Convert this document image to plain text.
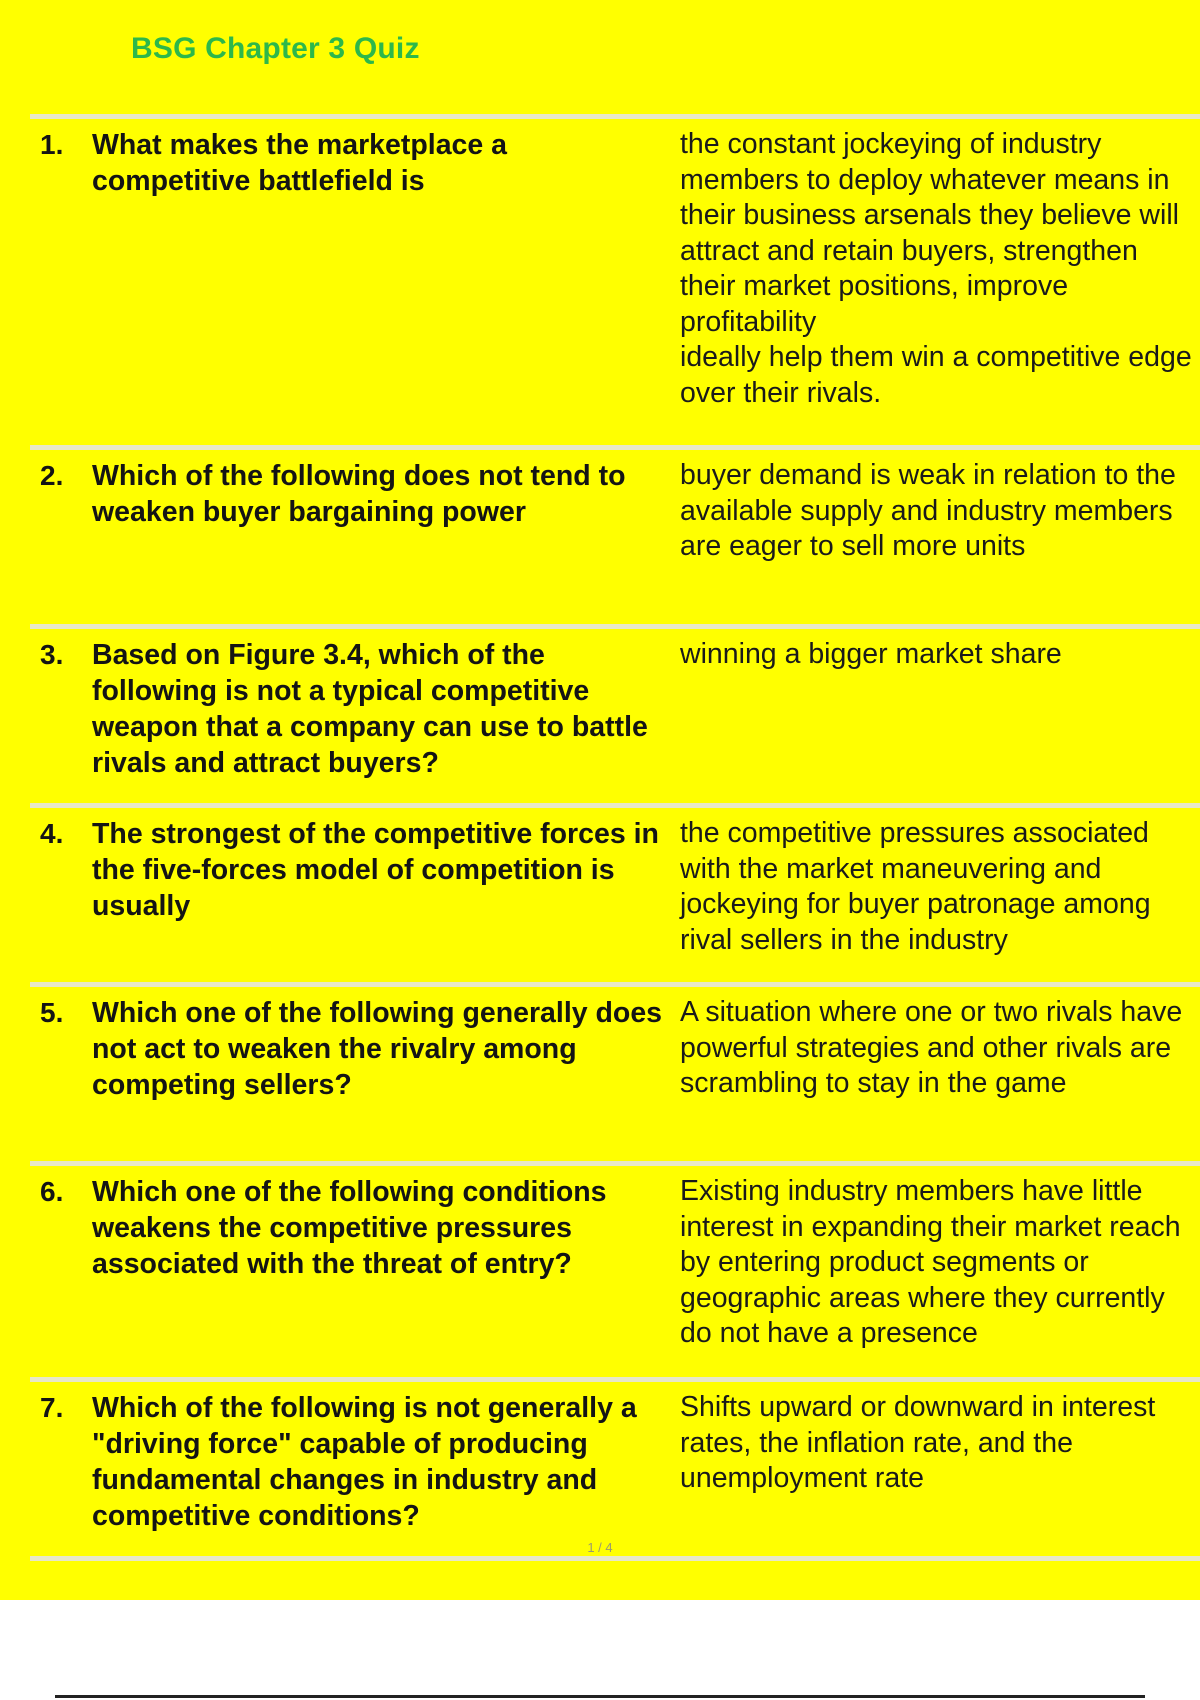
BSG Chapter 3 Quiz
1.	What makes the marketplace a competitive battlefield is
the constant jockeying of industry members to deploy whatever means in their business arsenals they believe will attract and retain buyers, strengthen their market positions, improve profitability
ideally help them win a competitive edge over their rivals.
2.	Which of the following does not tend to weaken buyer bargaining power
buyer demand is weak in relation to the available supply and industry members are eager to sell more units
3.	Based on Figure 3.4, which of the following is not a typical competitive weapon that a company can use to battle rivals and attract buyers?
winning a bigger market share
4.	The strongest of the competitive forces in the five-forces model of competition is usually
the competitive pressures associated with the market maneuvering and jockeying for buyer patronage among rival sellers in the industry
5.	Which one of the following generally does not act to weaken the rivalry among competing sellers?
A situation where one or two rivals have powerful strategies and other rivals are scrambling to stay in the game
6.	Which one of the following conditions weakens the competitive pressures associated with the threat of entry?
Existing industry members have little interest in expanding their market reach by entering product segments or geographic areas where they currently do not have a presence
7.	Which of the following is not generally a "driving force" capable of producing fundamental changes in industry and competitive conditions?
Shifts upward or downward in interest rates, the inflation rate, and the unemployment rate
1 / 4
